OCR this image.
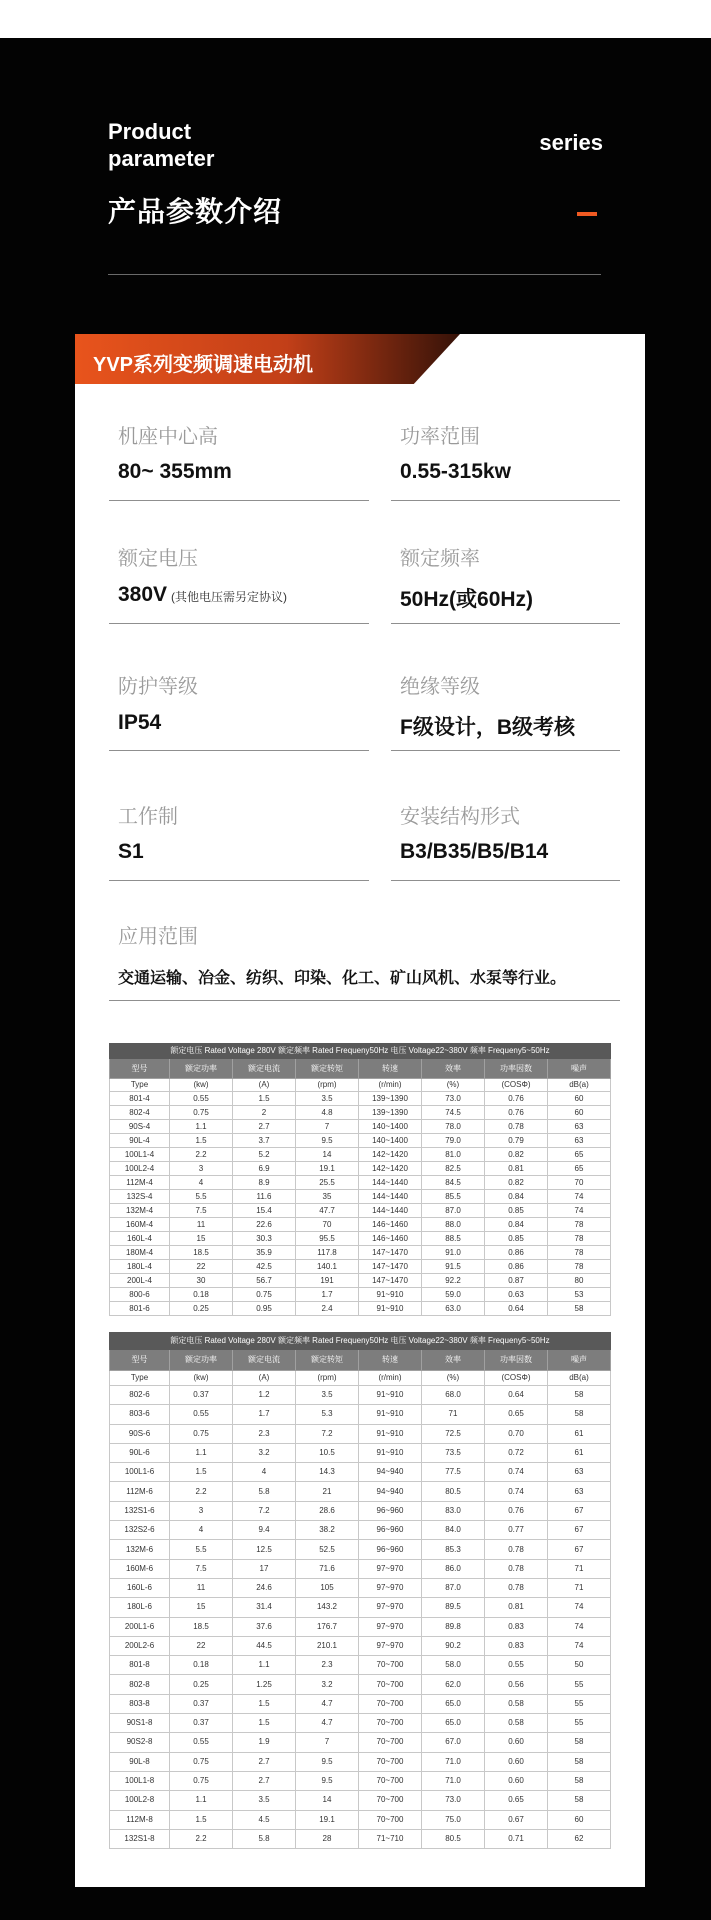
Product
parameter
series
产品参数介绍
YVP系列变频调速电动机
机座中心高
80~ 355mm
功率范围
0.55-315kw
额定电压
380V (其他电压需另定协议)
额定频率
50Hz(或60Hz)
防护等级
IP54
绝缘等级
F级设计，B级考核
工作制
S1
安装结构形式
B3/B35/B5/B14
应用范围
交通运输、冶金、纺织、印染、化工、矿山风机、水泵等行业。
额定电压 Rated Voltage 280V 额定频率 Rated Frequeny50Hz 电压 Voltage22~380V 频率 Frequeny5~50Hz							
型号	额定功率	额定电流	额定转矩	转速	效率	功率因数	噪声
Type	(kw)	(A)	(rpm)	(r/min)	(%)	(COSΦ)	dB(a)
801-4	0.55	1.5	3.5	139~1390	73.0	0.76	60
802-4	0.75	2	4.8	139~1390	74.5	0.76	60
90S-4	1.1	2.7	7	140~1400	78.0	0.78	63
90L-4	1.5	3.7	9.5	140~1400	79.0	0.79	63
100L1-4	2.2	5.2	14	142~1420	81.0	0.82	65
100L2-4	3	6.9	19.1	142~1420	82.5	0.81	65
112M-4	4	8.9	25.5	144~1440	84.5	0.82	70
132S-4	5.5	11.6	35	144~1440	85.5	0.84	74
132M-4	7.5	15.4	47.7	144~1440	87.0	0.85	74
160M-4	11	22.6	70	146~1460	88.0	0.84	78
160L-4	15	30.3	95.5	146~1460	88.5	0.85	78
180M-4	18.5	35.9	117.8	147~1470	91.0	0.86	78
180L-4	22	42.5	140.1	147~1470	91.5	0.86	78
200L-4	30	56.7	191	147~1470	92.2	0.87	80
800-6	0.18	0.75	1.7	91~910	59.0	0.63	53
801-6	0.25	0.95	2.4	91~910	63.0	0.64	58
额定电压 Rated Voltage 280V 额定频率 Rated Frequeny50Hz 电压 Voltage22~380V 频率 Frequeny5~50Hz							
型号	额定功率	额定电流	额定转矩	转速	效率	功率因数	噪声
Type	(kw)	(A)	(rpm)	(r/min)	(%)	(COSΦ)	dB(a)
802-6	0.37	1.2	3.5	91~910	68.0	0.64	58
803-6	0.55	1.7	5.3	91~910	71	0.65	58
90S-6	0.75	2.3	7.2	91~910	72.5	0.70	61
90L-6	1.1	3.2	10.5	91~910	73.5	0.72	61
100L1-6	1.5	4	14.3	94~940	77.5	0.74	63
112M-6	2.2	5.8	21	94~940	80.5	0.74	63
132S1-6	3	7.2	28.6	96~960	83.0	0.76	67
132S2-6	4	9.4	38.2	96~960	84.0	0.77	67
132M-6	5.5	12.5	52.5	96~960	85.3	0.78	67
160M-6	7.5	17	71.6	97~970	86.0	0.78	71
160L-6	11	24.6	105	97~970	87.0	0.78	71
180L-6	15	31.4	143.2	97~970	89.5	0.81	74
200L1-6	18.5	37.6	176.7	97~970	89.8	0.83	74
200L2-6	22	44.5	210.1	97~970	90.2	0.83	74
801-8	0.18	1.1	2.3	70~700	58.0	0.55	50
802-8	0.25	1.25	3.2	70~700	62.0	0.56	55
803-8	0.37	1.5	4.7	70~700	65.0	0.58	55
90S1-8	0.37	1.5	4.7	70~700	65.0	0.58	55
90S2-8	0.55	1.9	7	70~700	67.0	0.60	58
90L-8	0.75	2.7	9.5	70~700	71.0	0.60	58
100L1-8	0.75	2.7	9.5	70~700	71.0	0.60	58
100L2-8	1.1	3.5	14	70~700	73.0	0.65	58
112M-8	1.5	4.5	19.1	70~700	75.0	0.67	60
132S1-8	2.2	5.8	28	71~710	80.5	0.71	62
